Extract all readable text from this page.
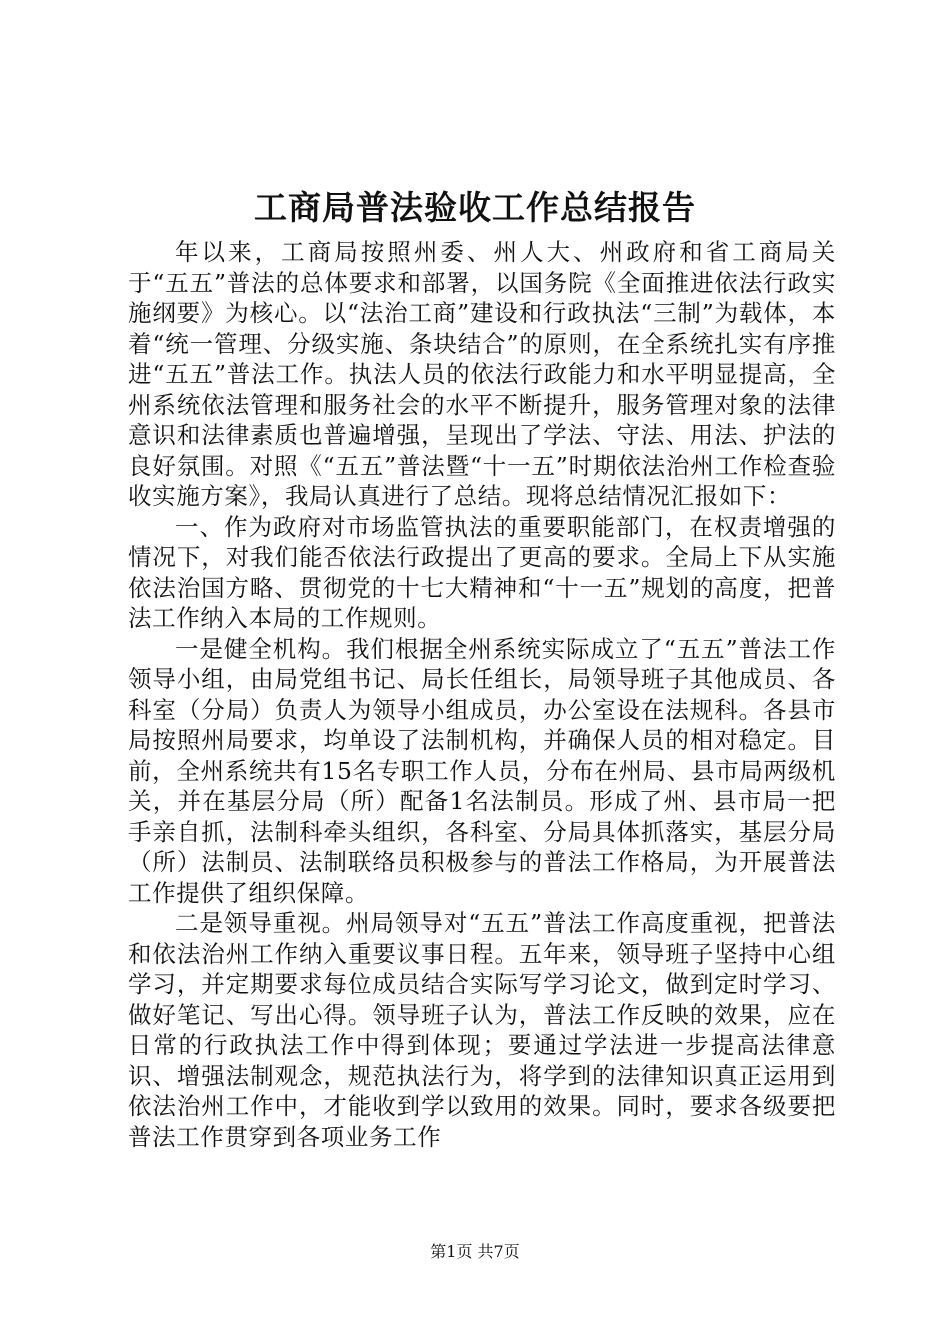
工商局普法验收工作总结报告

年以来，工商局按照州委、州人大、州政府和省工商局关于“五五”普法的总体要求和部署，以国务院《全面推进依法行政实施纲要》为核心。以“法治工商”建设和行政执法“三制”为载体，本着“统一管理、分级实施、条块结合”的原则，在全系统扎实有序推进“五五”普法工作。执法人员的依法行政能力和水平明显提高，全州系统依法管理和服务社会的水平不断提升，服务管理对象的法律意识和法律素质也普遍增强，呈现出了学法、守法、用法、护法的良好氛围。对照《“五五”普法暨“十一五”时期依法治州工作检查验收实施方案》，我局认真进行了总结。现将总结情况汇报如下：

一、作为政府对市场监管执法的重要职能部门，在权责增强的情况下，对我们能否依法行政提出了更高的要求。全局上下从实施依法治国方略、贯彻党的十七大精神和“十一五”规划的高度，把普法工作纳入本局的工作规则。

一是健全机构。我们根据全州系统实际成立了“五五”普法工作领导小组，由局党组书记、局长任组长，局领导班子其他成员、各科室（分局）负责人为领导小组成员，办公室设在法规科。各县市局按照州局要求，均单设了法制机构，并确保人员的相对稳定。目前，全州系统共有15名专职工作人员，分布在州局、县市局两级机关，并在基层分局（所）配备1名法制员。形成了州、县市局一把手亲自抓，法制科牵头组织，各科室、分局具体抓落实，基层分局（所）法制员、法制联络员积极参与的普法工作格局，为开展普法工作提供了组织保障。

二是领导重视。州局领导对“五五”普法工作高度重视，把普法和依法治州工作纳入重要议事日程。五年来，领导班子坚持中心组学习，并定期要求每位成员结合实际写学习论文，做到定时学习、做好笔记、写出心得。领导班子认为，普法工作反映的效果，应在日常的行政执法工作中得到体现；要通过学法进一步提高法律意识、增强法制观念，规范执法行为，将学到的法律知识真正运用到依法治州工作中，才能收到学以致用的效果。同时，要求各级要把普法工作贯穿到各项业务工作

第1页 共7页
